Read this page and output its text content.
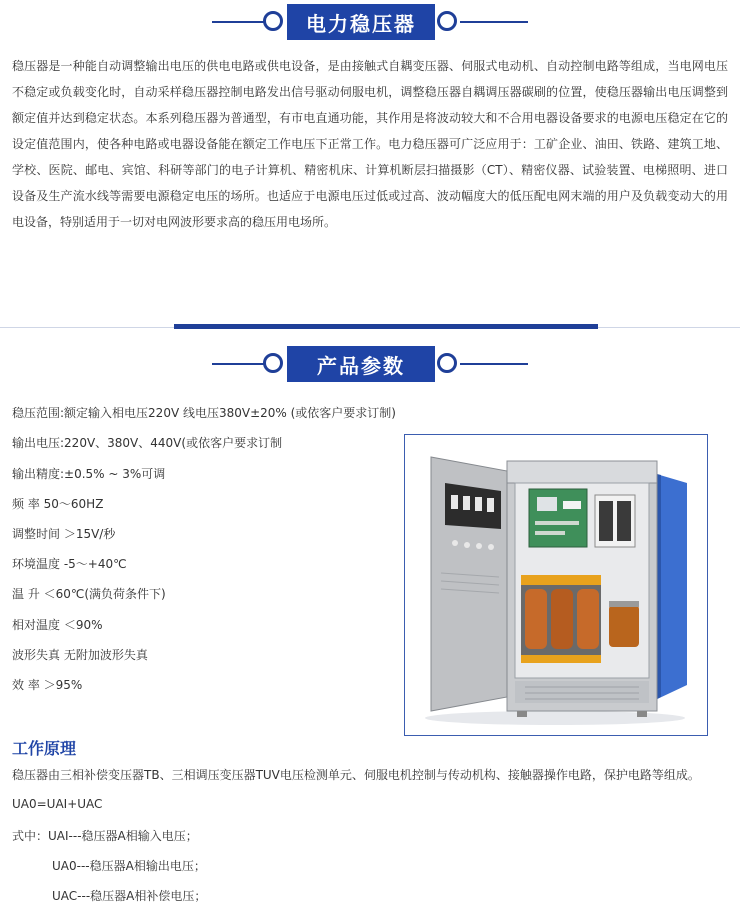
电力稳压器

稳压器是一种能自动调整输出电压的供电电路或供电设备，是由接触式自耦变压器、伺服式电动机、自动控制电路等组成，当电网电压不稳定或负载变化时，自动采样稳压器控制电路发出信号驱动伺服电机，调整稳压器自耦调压器碳刷的位置，使稳压器输出电压调整到额定值并达到稳定状态。本系列稳压器为普通型，有市电直通功能，其作用是将波动较大和不合用电器设备要求的电源电压稳定在它的设定值范围内，使各种电路或电器设备能在额定工作电压下正常工作。电力稳压器可广泛应用于：工矿企业、油田、铁路、建筑工地、学校、医院、邮电、宾馆、科研等部门的电子计算机、精密机床、计算机断层扫描摄影（CT）、精密仪器、试验装置、电梯照明、进口设备及生产流水线等需要电源稳定电压的场所。也适应于电源电压过低或过高、波动幅度大的低压配电网末端的用户及负载变动大的用电设备，特别适用于一切对电网波形要求高的稳压用电场所。

产品参数
稳压范围:额定输入相电压220V 线电压380V±20% (或依客户要求订制)
输出电压:220V、380V、440V(或依客户要求订制
输出精度:±0.5% ~ 3%可调
频 率 50～60HZ
调整时间 ＞15V/秒
环境温度 -5～+40℃
温 升 ＜60℃(满负荷条件下)
相对温度 ＜90%
波形失真 无附加波形失真
效 率 ＞95%
工作原理
稳压器由三相补偿变压器TB、三相调压变压器TUV电压检测单元、伺服电机控制与传动机构、接触器操作电路，保护电路等组成。
UA0=UAI+UAC
式中：UAI---稳压器A相输入电压；
UA0---稳压器A相输出电压；
UAC---稳压器A相补偿电压；
